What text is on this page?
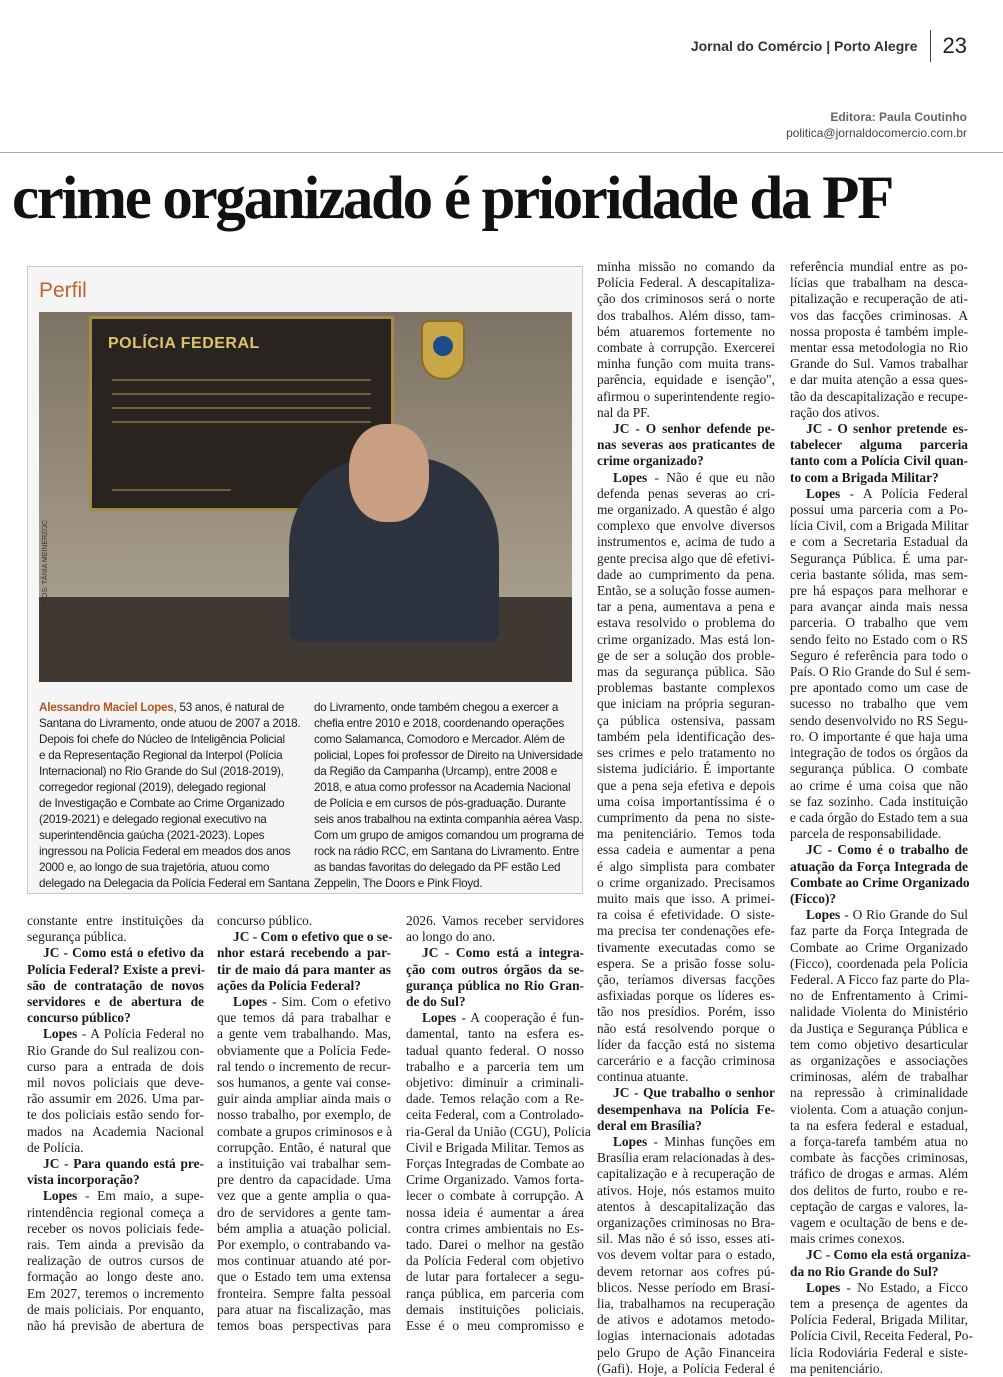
Jornal do Comércio | Porto Alegre	23
Editora: Paula Coutinho
politica@jornaldocomercio.com.br
crime organizado é prioridade da PF
Perfil
POLÍCIA FEDERAL
FOTOS: TÂNIA MEINERZ/JC
Alessandro Maciel Lopes, 53 anos, é natural de
Santana do Livramento, onde atuou de 2007 a 2018.
Depois foi chefe do Núcleo de Inteligência Policial
e da Representação Regional da Interpol (Polícia
Internacional) no Rio Grande do Sul (2018-2019),
corregedor regional (2019), delegado regional
de Investigação e Combate ao Crime Organizado
(2019-2021) e delegado regional executivo na
superintendência gaúcha (2021-2023). Lopes
ingressou na Polícia Federal em meados dos anos
2000 e, ao longo de sua trajetória, atuou como
delegado na Delegacia da Polícia Federal em Santana
do Livramento, onde também chegou a exercer a
chefia entre 2010 e 2018, coordenando operações
como Salamanca, Comodoro e Mercador. Além de
policial, Lopes foi professor de Direito na Universidade
da Região da Campanha (Urcamp), entre 2008 e
2018, e atua como professor na Academia Nacional
de Polícia e em cursos de pós-graduação. Durante
seis anos trabalhou na extinta companhia aérea Vasp.
Com um grupo de amigos comandou um programa de
rock na rádio RCC, em Santana do Livramento. Entre
as bandas favoritas do delegado da PF estão Led
Zeppelin, The Doors e Pink Floyd.
constante entre instituições da
segurança pública.
JC - Como está o efetivo da
Polícia Federal? Existe a previ-
são de contratação de novos
servidores e de abertura de
concurso público?
Lopes - A Polícia Federal no
Rio Grande do Sul realizou con-
curso para a entrada de dois
mil novos policiais que deve-
rão assumir em 2026. Uma par-
te dos policiais estão sendo for-
mados na Academia Nacional
de Polícia.
JC - Para quando está pre-
vista incorporação?
Lopes - Em maio, a supe-
rintendência regional começa a
receber os novos policiais fede-
rais. Tem ainda a previsão da
realização de outros cursos de
formação ao longo deste ano.
Em 2027, teremos o incremento
de mais policiais. Por enquanto,
não há previsão de abertura de
concurso público.
JC - Com o efetivo que o se-
nhor estará recebendo a par-
tir de maio dá para manter as
ações da Polícia Federal?
Lopes - Sim. Com o efetivo
que temos dá para trabalhar e
a gente vem trabalhando. Mas,
obviamente que a Polícia Fede-
ral tendo o incremento de recur-
sos humanos, a gente vai conse-
guir ainda ampliar ainda mais o
nosso trabalho, por exemplo, de
combate a grupos criminosos e à
corrupção. Então, é natural que
a instituição vai trabalhar sem-
pre dentro da capacidade. Uma
vez que a gente amplia o qua-
dro de servidores a gente tam-
bém amplia a atuação policial.
Por exemplo, o contrabando va-
mos continuar atuando até por-
que o Estado tem uma extensa
fronteira. Sempre falta pessoal
para atuar na fiscalização, mas
temos boas perspectivas para
2026. Vamos receber servidores
ao longo do ano.
JC - Como está a integra-
ção com outros órgãos da se-
gurança pública no Rio Gran-
de do Sul?
Lopes - A cooperação é fun-
damental, tanto na esfera es-
tadual quanto federal. O nosso
trabalho e a parceria tem um
objetivo: diminuir a criminali-
dade. Temos relação com a Re-
ceita Federal, com a Controlado-
ria-Geral da União (CGU), Polícia
Civil e Brigada Militar. Temos as
Forças Integradas de Combate ao
Crime Organizado. Vamos forta-
lecer o combate à corrupção. A
nossa ideia é aumentar a área
contra crimes ambientais no Es-
tado. Darei o melhor na gestão
da Polícia Federal com objetivo
de lutar para fortalecer a segu-
rança pública, em parceria com
demais instituições policiais.
Esse é o meu compromisso e
minha missão no comando da
Polícia Federal. A descapitaliza-
ção dos criminosos será o norte
dos trabalhos. Além disso, tam-
bém atuaremos fortemente no
combate à corrupção. Exercerei
minha função com muita trans-
parência, equidade e isenção",
afirmou o superintendente regio-
nal da PF.
JC - O senhor defende pe-
nas severas aos praticantes de
crime organizado?
Lopes - Não é que eu não
defenda penas severas ao cri-
me organizado. A questão é algo
complexo que envolve diversos
instrumentos e, acima de tudo a
gente precisa algo que dê efetivi-
dade ao cumprimento da pena.
Então, se a solução fosse aumen-
tar a pena, aumentava a pena e
estava resolvido o problema do
crime organizado. Mas está lon-
ge de ser a solução dos proble-
mas da segurança pública. São
problemas bastante complexos
que iniciam na própria seguran-
ça pública ostensiva, passam
também pela identificação des-
ses crimes e pelo tratamento no
sistema judiciário. É importante
que a pena seja efetiva e depois
uma coisa importantíssima é o
cumprimento da pena no siste-
ma penitenciário. Temos toda
essa cadeia e aumentar a pena
é algo simplista para combater
o crime organizado. Precisamos
muito mais que isso. A primei-
ra coisa é efetividade. O siste-
ma precisa ter condenações efe-
tivamente executadas como se
espera. Se a prisão fosse solu-
ção, teríamos diversas facções
asfixiadas porque os líderes es-
tão nos presídios. Porém, isso
não está resolvendo porque o
líder da facção está no sistema
carcerário e a facção criminosa
continua atuante.
JC - Que trabalho o senhor
desempenhava na Polícia Fe-
deral em Brasília?
Lopes - Minhas funções em
Brasília eram relacionadas à des-
capitalização e à recuperação de
ativos. Hoje, nós estamos muito
atentos à descapitalização das
organizações criminosas no Bra-
sil. Mas não é só isso, esses ati-
vos devem voltar para o estado,
devem retornar aos cofres pú-
blicos. Nesse período em Brasí-
lia, trabalhamos na recuperação
de ativos e adotamos metodo-
logias internacionais adotadas
pelo Grupo de Ação Financeira
(Gafi). Hoje, a Polícia Federal é
referência mundial entre as po-
lícias que trabalham na desca-
pitalização e recuperação de ati-
vos das facções criminosas. A
nossa proposta é também imple-
mentar essa metodologia no Rio
Grande do Sul. Vamos trabalhar
e dar muita atenção a essa ques-
tão da descapitalização e recupe-
ração dos ativos.
JC - O senhor pretende es-
tabelecer alguma parceria
tanto com a Polícia Civil quan-
to com a Brigada Militar?
Lopes - A Polícia Federal
possui uma parceria com a Po-
lícia Civil, com a Brigada Militar
e com a Secretaria Estadual da
Segurança Pública. É uma par-
ceria bastante sólida, mas sem-
pre há espaços para melhorar e
para avançar ainda mais nessa
parceria. O trabalho que vem
sendo feito no Estado com o RS
Seguro é referência para todo o
País. O Rio Grande do Sul é sem-
pre apontado como um case de
sucesso no trabalho que vem
sendo desenvolvido no RS Segu-
ro. O importante é que haja uma
integração de todos os órgãos da
segurança pública. O combate
ao crime é uma coisa que não
se faz sozinho. Cada instituição
e cada órgão do Estado tem a sua
parcela de responsabilidade.
JC - Como é o trabalho de
atuação da Força Integrada de
Combate ao Crime Organizado
(Ficco)?
Lopes - O Rio Grande do Sul
faz parte da Força Integrada de
Combate ao Crime Organizado
(Ficco), coordenada pela Polícia
Federal. A Ficco faz parte do Pla-
no de Enfrentamento à Crimi-
nalidade Violenta do Ministério
da Justiça e Segurança Pública e
tem como objetivo desarticular
as organizações e associações
criminosas, além de trabalhar
na repressão à criminalidade
violenta. Com a atuação conjun-
ta na esfera federal e estadual,
a força-tarefa também atua no
combate às facções criminosas,
tráfico de drogas e armas. Além
dos delitos de furto, roubo e re-
ceptação de cargas e valores, la-
vagem e ocultação de bens e de-
mais crimes conexos.
JC - Como ela está organiza-
da no Rio Grande do Sul?
Lopes - No Estado, a Ficco
tem a presença de agentes da
Polícia Federal, Brigada Militar,
Polícia Civil, Receita Federal, Po-
lícia Rodoviária Federal e siste-
ma penitenciário.
